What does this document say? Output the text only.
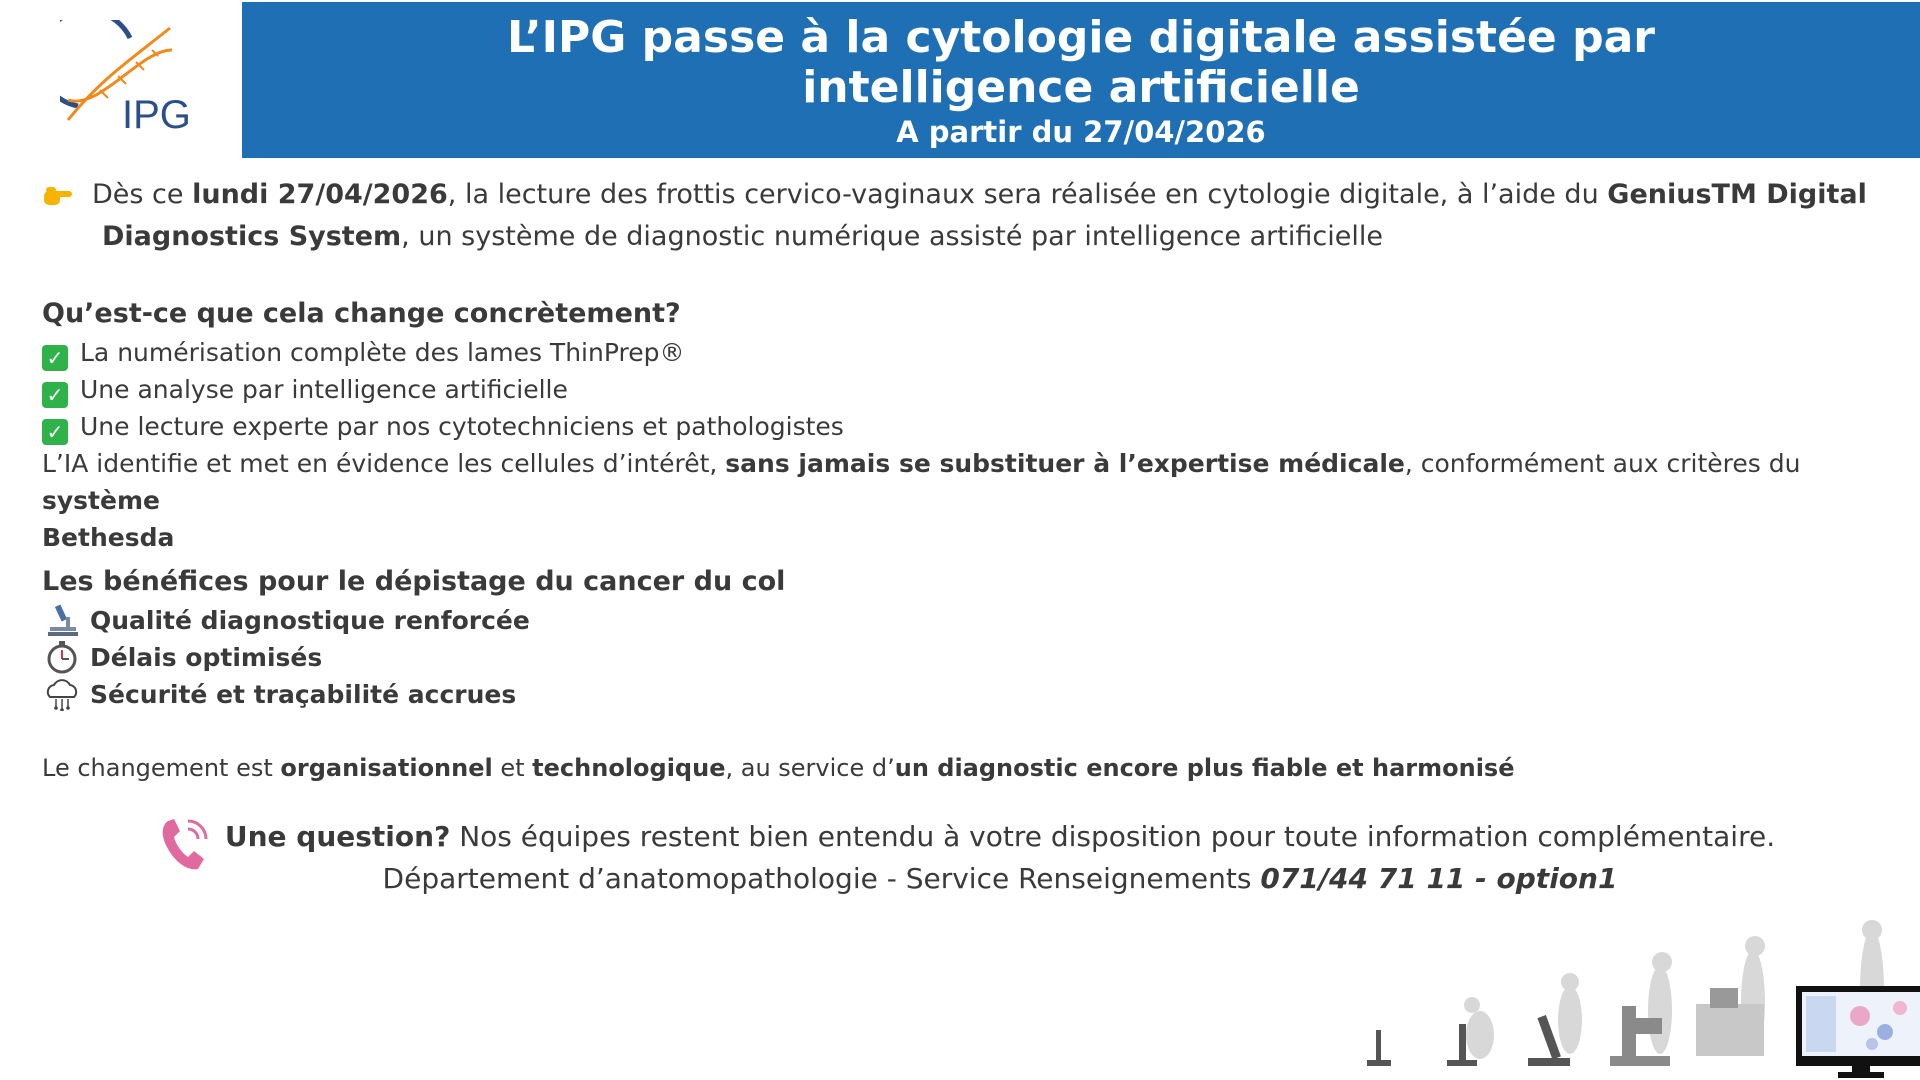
IPG
L’IPG passe à la cytologie digitale assistée par
intelligence artificielle
A partir du 27/04/2026
Dès ce lundi 27/04/2026, la lecture des frottis cervico-vaginaux sera réalisée en cytologie digitale, à l’aide du GeniusTM Digital
Diagnostics System, un système de diagnostic numérique assisté par intelligence artificielle
Qu’est-ce que cela change concrètement?
✓ La numérisation complète des lames ThinPrep®
✓ Une analyse par intelligence artificielle
✓ Une lecture experte par nos cytotechniciens et pathologistes
L’IA identifie et met en évidence les cellules d’intérêt, sans jamais se substituer à l’expertise médicale, conformément aux critères du système
Bethesda
Les bénéfices pour le dépistage du cancer du col
Qualité diagnostique renforcée
Délais optimisés
Sécurité et traçabilité accrues
Le changement est organisationnel et technologique, au service d’un diagnostic encore plus fiable et harmonisé
Une question? Nos équipes restent bien entendu à votre disposition pour toute information complémentaire.
Département d’anatomopathologie - Service Renseignements 071/44 71 11 - option1
